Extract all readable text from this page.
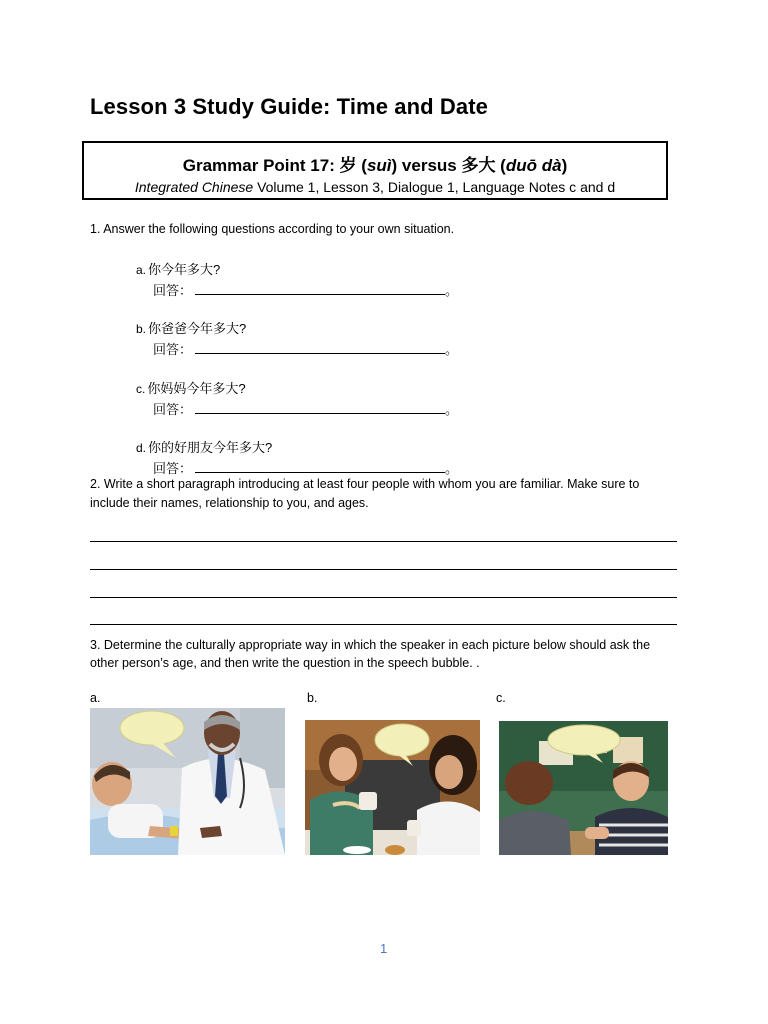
Lesson 3 Study Guide: Time and Date
Grammar Point 17: 岁 (suì) versus 多大 (duō dà)
Integrated Chinese Volume 1, Lesson 3, Dialogue 1, Language Notes c and d
1. Answer the following questions according to your own situation.
a. 你今年多大?
回答：	。
b. 你爸爸今年多大?
回答：	。
c. 你妈妈今年多大?
回答：	。
d. 你的好朋友今年多大?
回答：	。
2. Write a short paragraph introducing at least four people with whom you are familiar. Make sure to
include their names, relationship to you, and ages.
3. Determine the culturally appropriate way in which the speaker in each picture below should ask the
other person’s age, and then write the question in the speech bubble. .
a.	b.	c.
1
